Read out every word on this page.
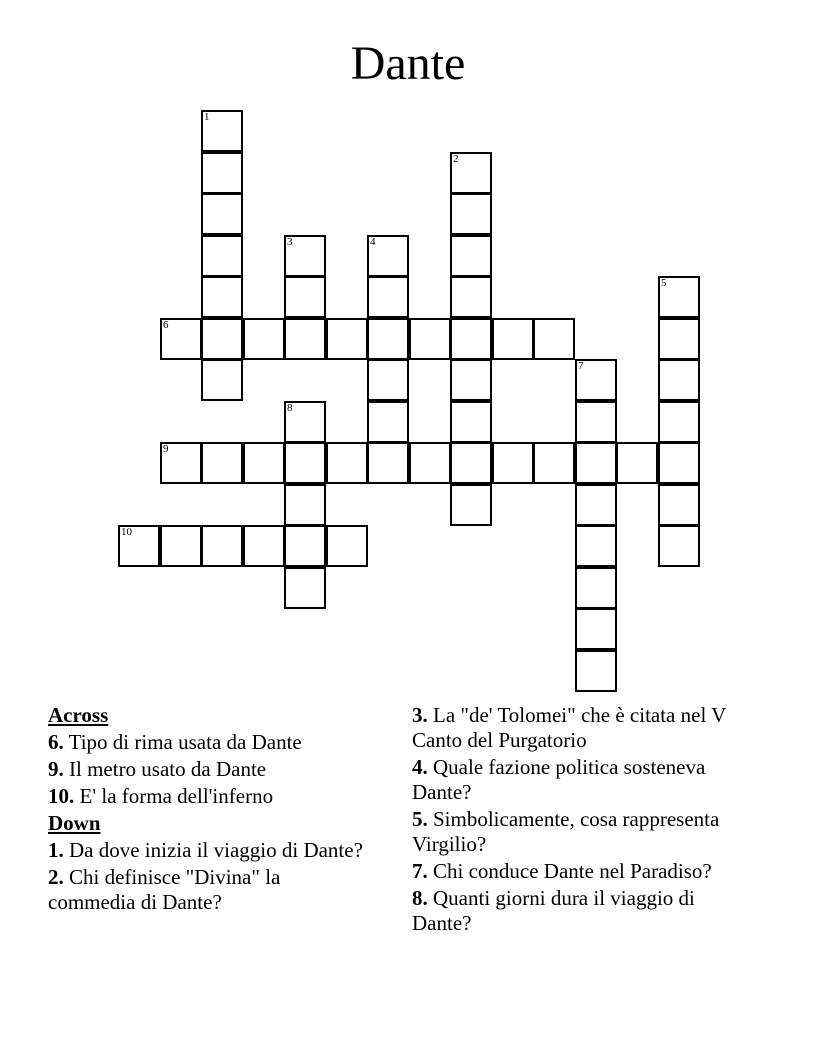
Dante
1
2
3	4
5
6
7
8
9
10
Across
6. Tipo di rima usata da Dante
9. Il metro usato da Dante
10. E' la forma dell'inferno
Down
1. Da dove inizia il viaggio di Dante?
2. Chi definisce "Divina" la commedia di Dante?
3. La "de' Tolomei" che è citata nel V Canto del Purgatorio
4. Quale fazione politica sosteneva Dante?
5. Simbolicamente, cosa rappresenta Virgilio?
7. Chi conduce Dante nel Paradiso?
8. Quanti giorni dura il viaggio di Dante?
